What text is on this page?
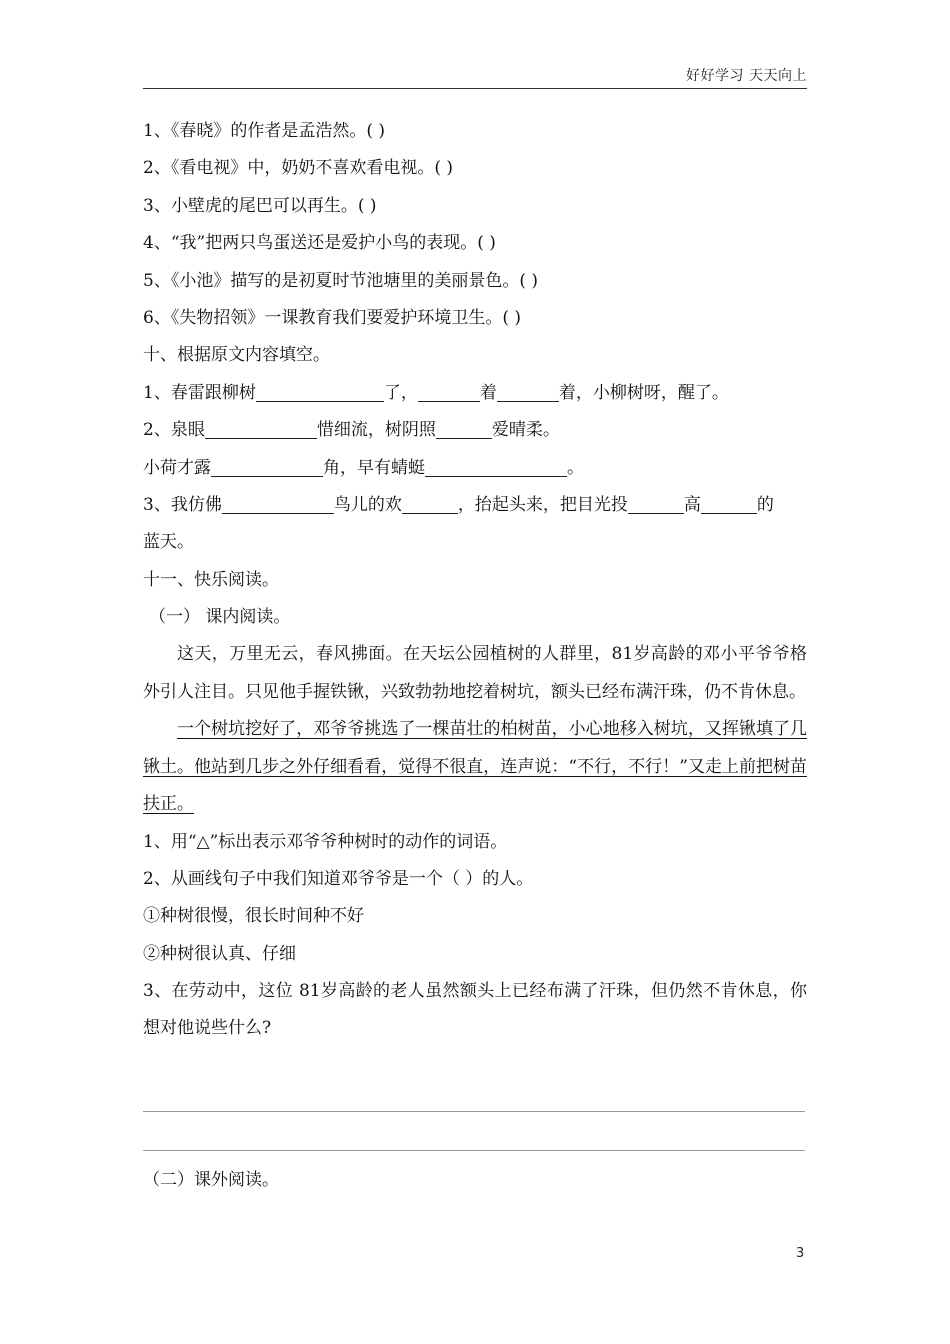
好好学习 天天向上
1、《春晓》的作者是孟浩然。( )
2、《看电视》中，奶奶不喜欢看电视。( )
3、小壁虎的尾巴可以再生。( )
4、“我”把两只鸟蛋送还是爱护小鸟的表现。( )
5、《小池》描写的是初夏时节池塘里的美丽景色。( )
6、《失物招领》一课教育我们要爱护环境卫生。( )
十、根据原文内容填空。
1、春雷跟柳树	了，	着	着，小柳树呀，醒了。
2、泉眼	惜细流，树阴照	爱晴柔。
小荷才露	角，早有蜻蜓	。
3、我仿佛	鸟儿的欢	，抬起头来，把目光投	高	的
蓝天。
十一、快乐阅读。
（一） 课内阅读。
这天，万里无云，春风拂面。在天坛公园植树的人群里，81岁高龄的邓小平爷爷格外引人注目。只见他手握铁锹，兴致勃勃地挖着树坑，额头已经布满汗珠，仍不肯休息。
一个树坑挖好了，邓爷爷挑选了一棵苗壮的柏树苗，小心地移入树坑，又挥锹填了几锹土。他站到几步之外仔细看看，觉得不很直，连声说：“不行，不行！”又走上前把树苗扶正。
1、用“△”标出表示邓爷爷种树时的动作的词语。
2、从画线句子中我们知道邓爷爷是一个（ ）的人。
①种树很慢，很长时间种不好
②种树很认真、仔细
3、在劳动中，这位 81岁高龄的老人虽然额头上已经布满了汗珠，但仍然不肯休息，你想对他说些什么?
（二）课外阅读。
3
